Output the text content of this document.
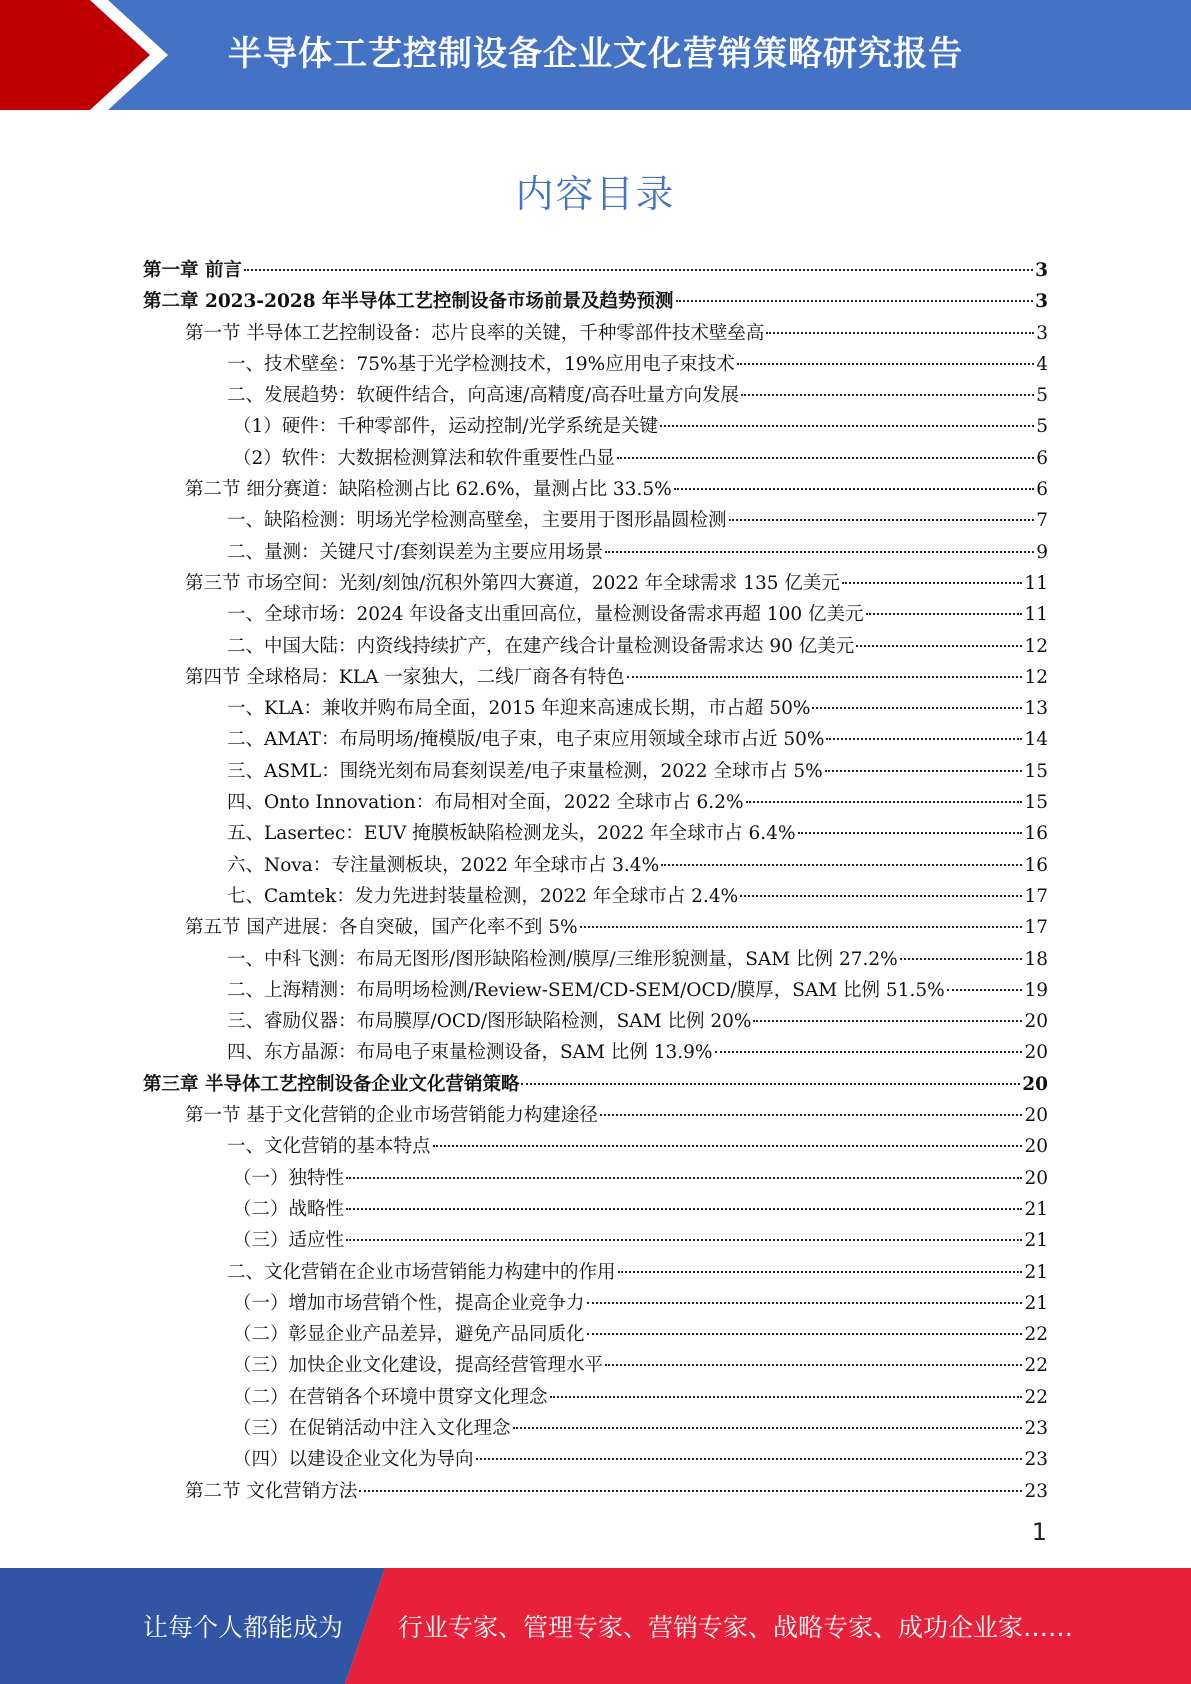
半导体工艺控制设备企业文化营销策略研究报告
内容目录
第一章 前言	3
第二章 2023-2028 年半导体工艺控制设备市场前景及趋势预测	3
第一节 半导体工艺控制设备：芯片良率的关键，千种零部件技术壁垒高	3
一、技术壁垒：75%基于光学检测技术，19%应用电子束技术	4
二、发展趋势：软硬件结合，向高速/高精度/高吞吐量方向发展	5
（1）硬件：千种零部件，运动控制/光学系统是关键	5
（2）软件：大数据检测算法和软件重要性凸显	6
第二节 细分赛道：缺陷检测占比 62.6%，量测占比 33.5%	6
一、缺陷检测：明场光学检测高壁垒，主要用于图形晶圆检测	7
二、量测：关键尺寸/套刻误差为主要应用场景	9
第三节 市场空间：光刻/刻蚀/沉积外第四大赛道，2022 年全球需求 135 亿美元	11
一、全球市场：2024 年设备支出重回高位，量检测设备需求再超 100 亿美元	11
二、中国大陆：内资线持续扩产，在建产线合计量检测设备需求达 90 亿美元	12
第四节 全球格局：KLA 一家独大，二线厂商各有特色	12
一、KLA：兼收并购布局全面，2015 年迎来高速成长期，市占超 50%	13
二、AMAT：布局明场/掩模版/电子束，电子束应用领域全球市占近 50%	14
三、ASML：围绕光刻布局套刻误差/电子束量检测，2022 全球市占 5%	15
四、Onto Innovation：布局相对全面，2022 全球市占 6.2%	15
五、Lasertec：EUV 掩膜板缺陷检测龙头，2022 年全球市占 6.4%	16
六、Nova：专注量测板块，2022 年全球市占 3.4%	16
七、Camtek：发力先进封装量检测，2022 年全球市占 2.4%	17
第五节 国产进展：各自突破，国产化率不到 5%	17
一、中科飞测：布局无图形/图形缺陷检测/膜厚/三维形貌测量，SAM 比例 27.2%	18
二、上海精测：布局明场检测/Review-SEM/CD-SEM/OCD/膜厚，SAM 比例 51.5%	19
三、睿励仪器：布局膜厚/OCD/图形缺陷检测，SAM 比例 20%	20
四、东方晶源：布局电子束量检测设备，SAM 比例 13.9%	20
第三章 半导体工艺控制设备企业文化营销策略	20
第一节 基于文化营销的企业市场营销能力构建途径	20
一、文化营销的基本特点	20
（一）独特性	20
（二）战略性	21
（三）适应性	21
二、文化营销在企业市场营销能力构建中的作用	21
（一）增加市场营销个性，提高企业竞争力	21
（二）彰显企业产品差异，避免产品同质化	22
（三）加快企业文化建设，提高经营管理水平	22
（二）在营销各个环境中贯穿文化理念	22
（三）在促销活动中注入文化理念	23
（四）以建设企业文化为导向	23
第二节 文化营销方法	23
1
让每个人都能成为 行业专家、管理专家、营销专家、战略专家、成功企业家……
